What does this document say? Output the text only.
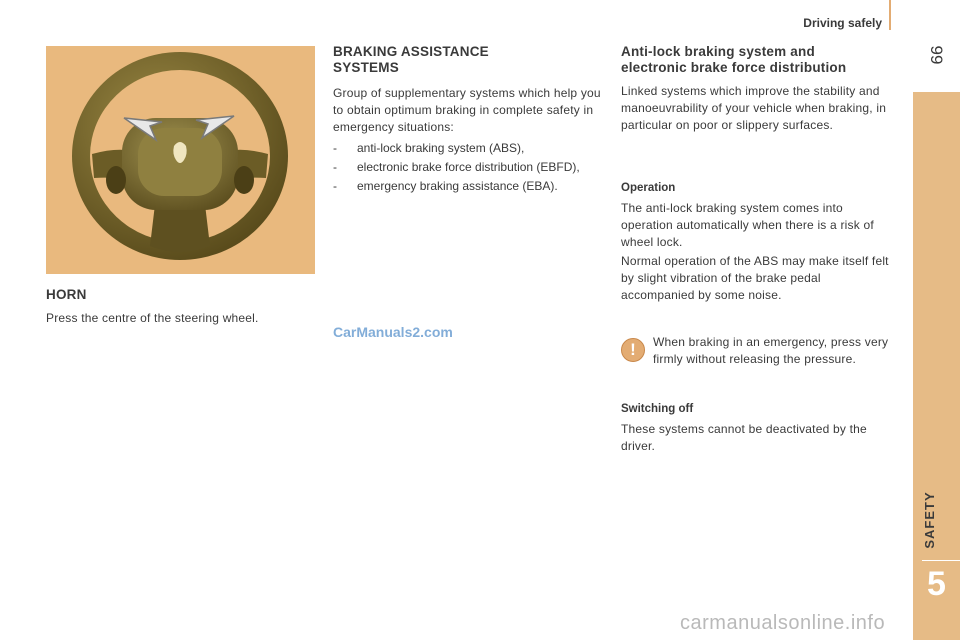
Driving safely
99
SAFETY
5
HORN
Press the centre of the steering wheel.
BRAKING ASSISTANCE
SYSTEMS
Group of supplementary systems which help you to obtain optimum braking in complete safety in emergency situations:
- anti-lock braking system (ABS),
- electronic brake force distribution (EBFD),
- emergency braking assistance (EBA).
Anti-lock braking system and
electronic brake force distribution
Linked systems which improve the stability and manoeuvrability of your vehicle when braking, in particular on poor or slippery surfaces.
Operation
The anti-lock braking system comes into operation automatically when there is a risk of wheel lock.
Normal operation of the ABS may make itself felt by slight vibration of the brake pedal accompanied by some noise.
!	When braking in an emergency, press very firmly without releasing the pressure.
Switching off
These systems cannot be deactivated by the driver.
CarManuals2.com
carmanualsonline.info
